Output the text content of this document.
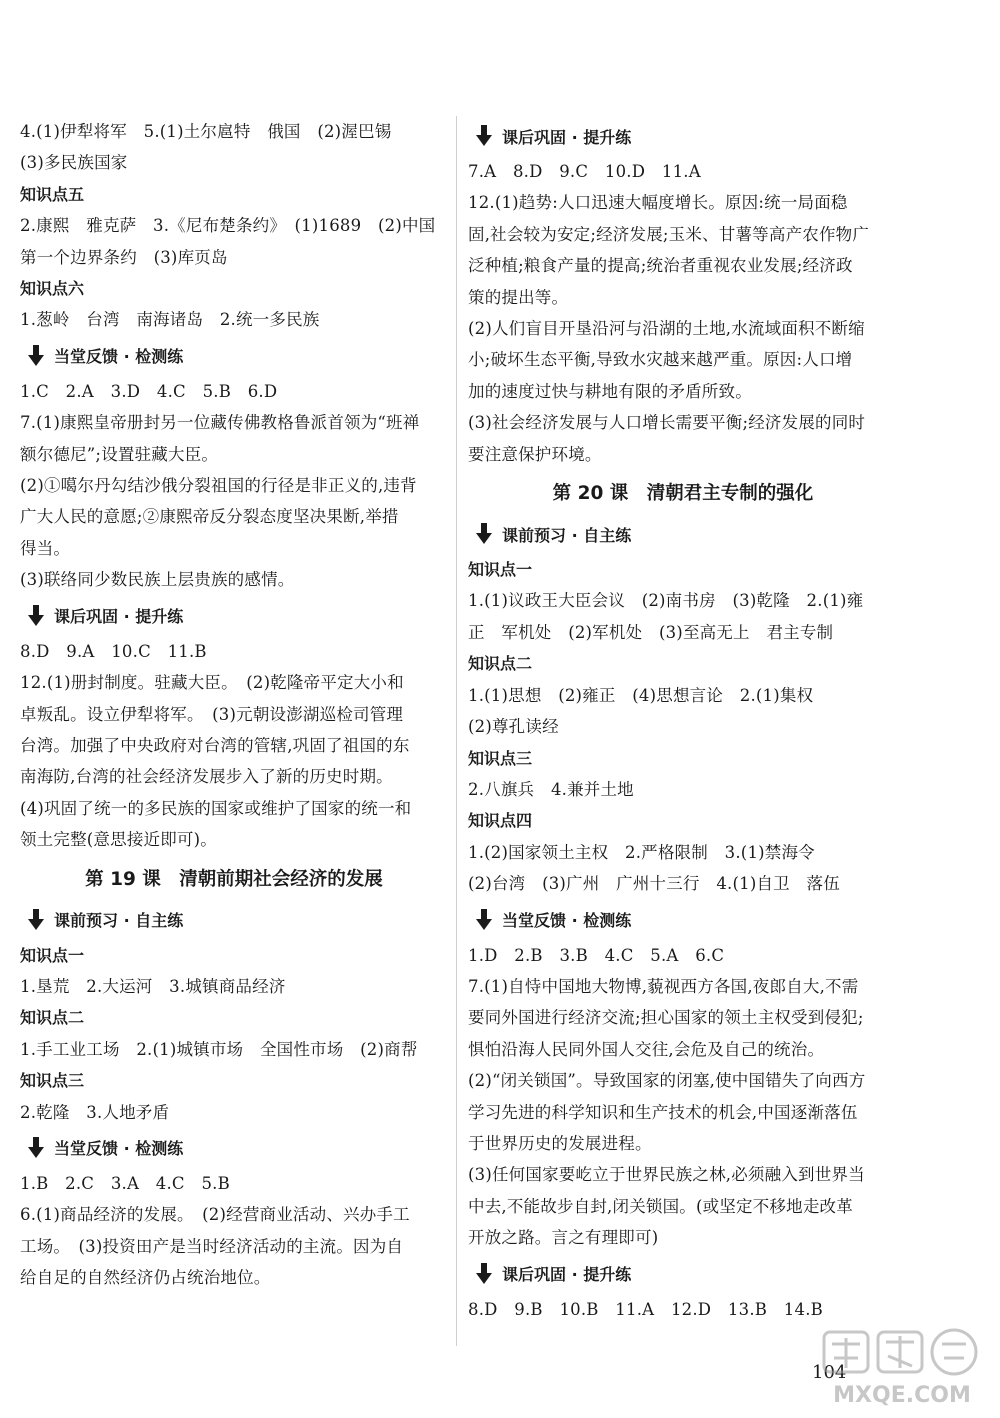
4.(1)伊犁将军　5.(1)土尔扈特　俄国　(2)渥巴锡
(3)多民族国家
知识点五
2.康熙　雅克萨　3.《尼布楚条约》　(1)1689　(2)中国
第一个边界条约　(3)库页岛
知识点六
1.葱岭　台湾　南海诸岛　2.统一多民族
当堂反馈 · 检测练
1.C　2.A　3.D　4.C　5.B　6.D
7.(1)康熙皇帝册封另一位藏传佛教格鲁派首领为“班禅
额尔德尼”;设置驻藏大臣。
(2)①噶尔丹勾结沙俄分裂祖国的行径是非正义的,违背
广大人民的意愿;②康熙帝反分裂态度坚决果断,举措
得当。
(3)联络同少数民族上层贵族的感情。
课后巩固 · 提升练
8.D　9.A　10.C　11.B
12.(1)册封制度。驻藏大臣。　(2)乾隆帝平定大小和
卓叛乱。设立伊犁将军。　(3)元朝设澎湖巡检司管理
台湾。加强了中央政府对台湾的管辖,巩固了祖国的东
南海防,台湾的社会经济发展步入了新的历史时期。
(4)巩固了统一的多民族的国家或维护了国家的统一和
领土完整(意思接近即可)。
第 19 课　清朝前期社会经济的发展
课前预习 · 自主练
知识点一
1.垦荒　2.大运河　3.城镇商品经济
知识点二
1.手工业工场　2.(1)城镇市场　全国性市场　(2)商帮
知识点三
2.乾隆　3.人地矛盾
当堂反馈 · 检测练
1.B　2.C　3.A　4.C　5.B
6.(1)商品经济的发展。　(2)经营商业活动、兴办手工
工场。　(3)投资田产是当时经济活动的主流。因为自
给自足的自然经济仍占统治地位。
课后巩固 · 提升练
7.A　8.D　9.C　10.D　11.A
12.(1)趋势:人口迅速大幅度增长。原因:统一局面稳
固,社会较为安定;经济发展;玉米、甘薯等高产农作物广
泛种植;粮食产量的提高;统治者重视农业发展;经济政
策的提出等。
(2)人们盲目开垦沿河与沿湖的土地,水流域面积不断缩
小;破坏生态平衡,导致水灾越来越严重。原因:人口增
加的速度过快与耕地有限的矛盾所致。
(3)社会经济发展与人口增长需要平衡;经济发展的同时
要注意保护环境。
第 20 课　清朝君主专制的强化
课前预习 · 自主练
知识点一
1.(1)议政王大臣会议　(2)南书房　(3)乾隆　2.(1)雍
正　军机处　(2)军机处　(3)至高无上　君主专制
知识点二
1.(1)思想　(2)雍正　(4)思想言论　2.(1)集权
(2)尊孔读经
知识点三
2.八旗兵　4.兼并土地
知识点四
1.(2)国家领土主权　2.严格限制　3.(1)禁海令
(2)台湾　(3)广州　广州十三行　4.(1)自卫　落伍
当堂反馈 · 检测练
1.D　2.B　3.B　4.C　5.A　6.C
7.(1)自恃中国地大物博,藐视西方各国,夜郎自大,不需
要同外国进行经济交流;担心国家的领土主权受到侵犯;
惧怕沿海人民同外国人交往,会危及自己的统治。
(2)“闭关锁国”。导致国家的闭塞,使中国错失了向西方
学习先进的科学知识和生产技术的机会,中国逐渐落伍
于世界历史的发展进程。
(3)任何国家要屹立于世界民族之林,必须融入到世界当
中去,不能故步自封,闭关锁国。(或坚定不移地走改革
开放之路。言之有理即可)
课后巩固 · 提升练
8.D　9.B　10.B　11.A　12.D　13.B　14.B
104
MXQE.COM
